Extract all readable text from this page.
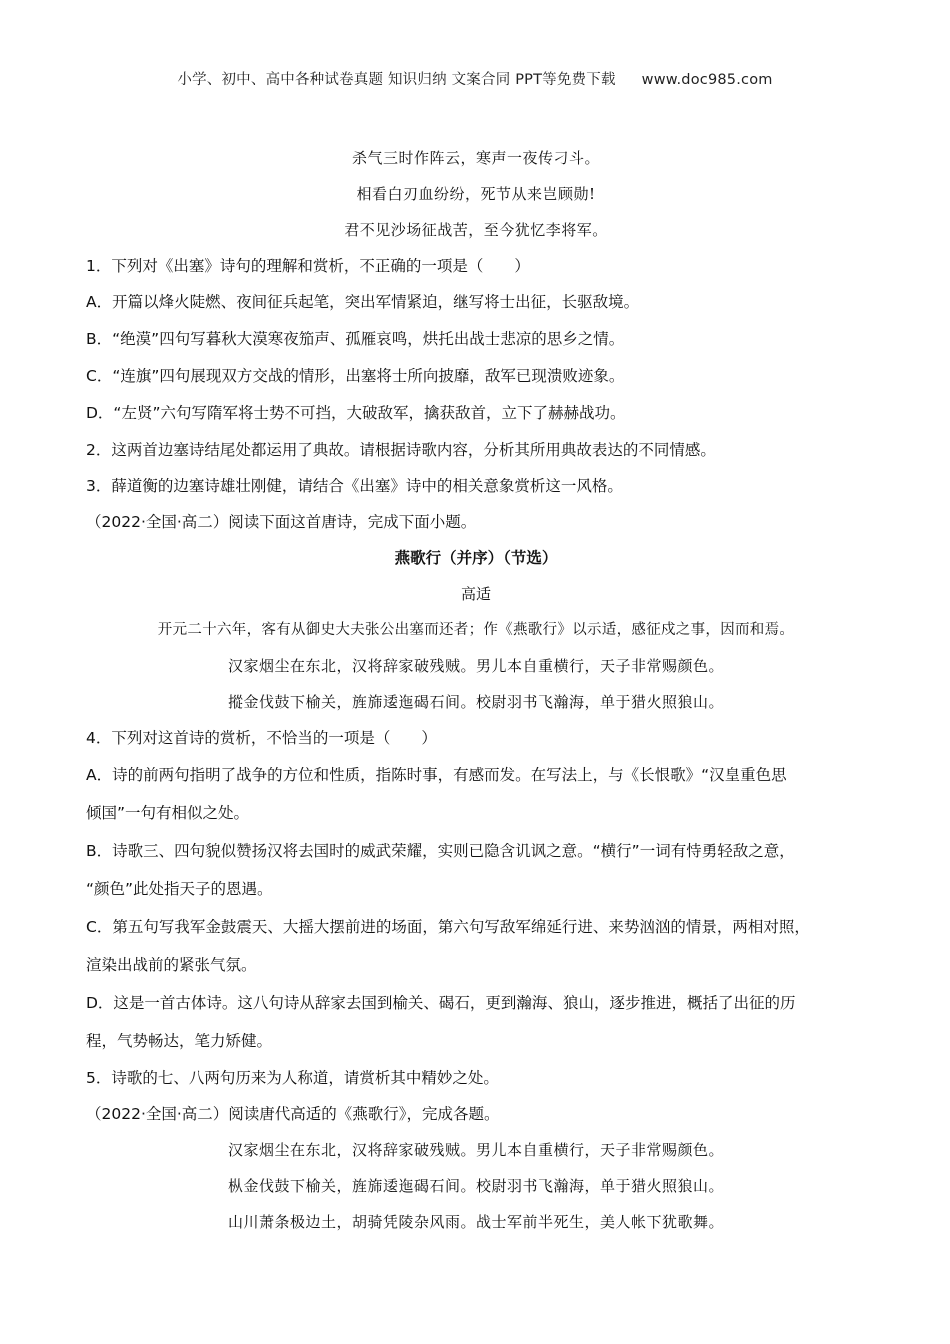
小学、初中、高中各种试卷真题 知识归纳 文案合同 PPT等免费下载 www.doc985.com
杀气三时作阵云，寒声一夜传刁斗。
相看白刃血纷纷，死节从来岂顾勋!
君不见沙场征战苦，至今犹忆李将军。
1．下列对《出塞》诗句的理解和赏析，不正确的一项是（　　）
A．开篇以烽火陡燃、夜间征兵起笔，突出军情紧迫，继写将士出征，长驱敌境。
B．“绝漠”四句写暮秋大漠寒夜笳声、孤雁哀鸣，烘托出战士悲凉的思乡之情。
C．“连旗”四句展现双方交战的情形，出塞将士所向披靡，敌军已现溃败迹象。
D．“左贤”六句写隋军将士势不可挡，大破敌军，擒获敌首，立下了赫赫战功。
2．这两首边塞诗结尾处都运用了典故。请根据诗歌内容，分析其所用典故表达的不同情感。
3．薛道衡的边塞诗雄壮刚健，请结合《出塞》诗中的相关意象赏析这一风格。
（2022·全国·高二）阅读下面这首唐诗，完成下面小题。
燕歌行（并序）（节选）
高适
开元二十六年，客有从御史大夫张公出塞而还者；作《燕歌行》以示适，感征戍之事，因而和焉。
汉家烟尘在东北，汉将辞家破残贼。男儿本自重横行，天子非常赐颜色。
摐金伐鼓下榆关，旌旆逶迤碣石间。校尉羽书飞瀚海，单于猎火照狼山。
4．下列对这首诗的赏析，不恰当的一项是（　　）
A．诗的前两句指明了战争的方位和性质，指陈时事，有感而发。在写法上，与《长恨歌》“汉皇重色思
倾国”一句有相似之处。
B．诗歌三、四句貌似赞扬汉将去国时的威武荣耀，实则已隐含讥讽之意。“横行”一词有恃勇轻敌之意，
“颜色”此处指天子的恩遇。
C．第五句写我军金鼓震天、大摇大摆前进的场面，第六句写敌军绵延行进、来势汹汹的情景，两相对照，
渲染出战前的紧张气氛。
D．这是一首古体诗。这八句诗从辞家去国到榆关、碣石，更到瀚海、狼山，逐步推进，概括了出征的历
程，气势畅达，笔力矫健。
5．诗歌的七、八两句历来为人称道，请赏析其中精妙之处。
（2022·全国·高二）阅读唐代高适的《燕歌行》，完成各题。
汉家烟尘在东北，汉将辞家破残贼。男儿本自重横行，天子非常赐颜色。
枞金伐鼓下榆关，旌旆逶迤碣石间。校尉羽书飞瀚海，单于猎火照狼山。
山川萧条极边土，胡骑凭陵杂风雨。战士军前半死生，美人帐下犹歌舞。
